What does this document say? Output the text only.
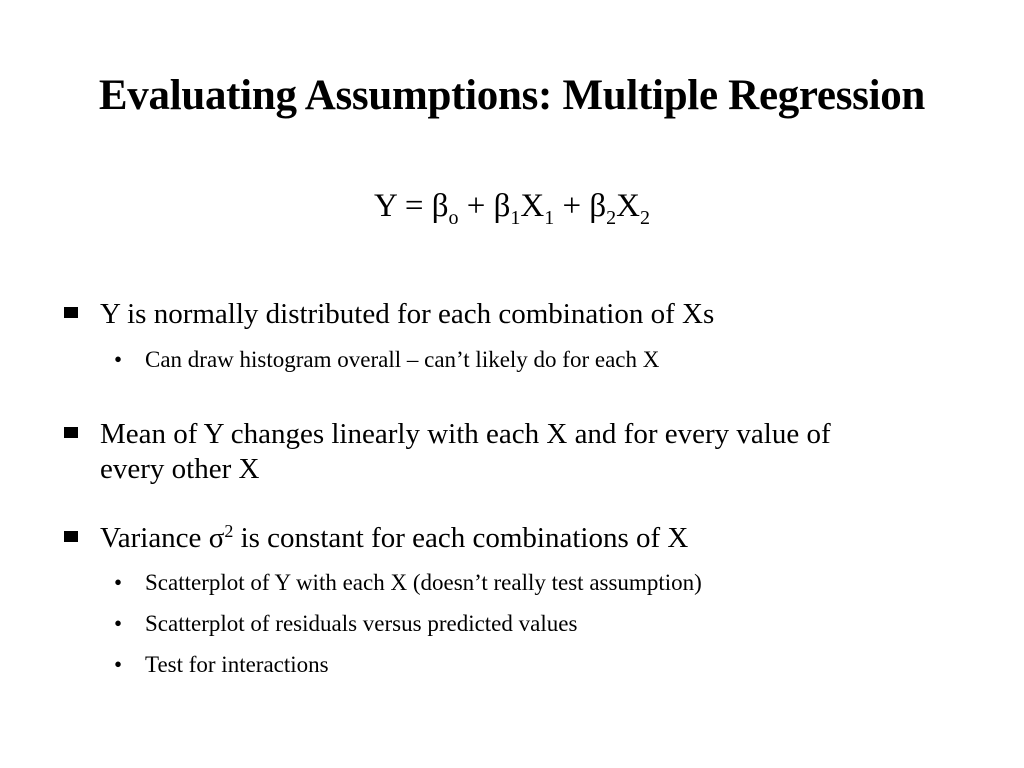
Evaluating Assumptions: Multiple Regression
$Y = \beta_o + \beta_1X_1 + \beta_2X_2$
Y is normally distributed for each combination of Xs
• Can draw histogram overall – can’t likely do for each X
Mean of Y changes linearly with each X and for every value of
every other X
Variance $\sigma^2$ is constant for each combinations of X
• Scatterplot of Y with each X (doesn’t really test assumption)
• Scatterplot of residuals versus predicted values
• Test for interactions
